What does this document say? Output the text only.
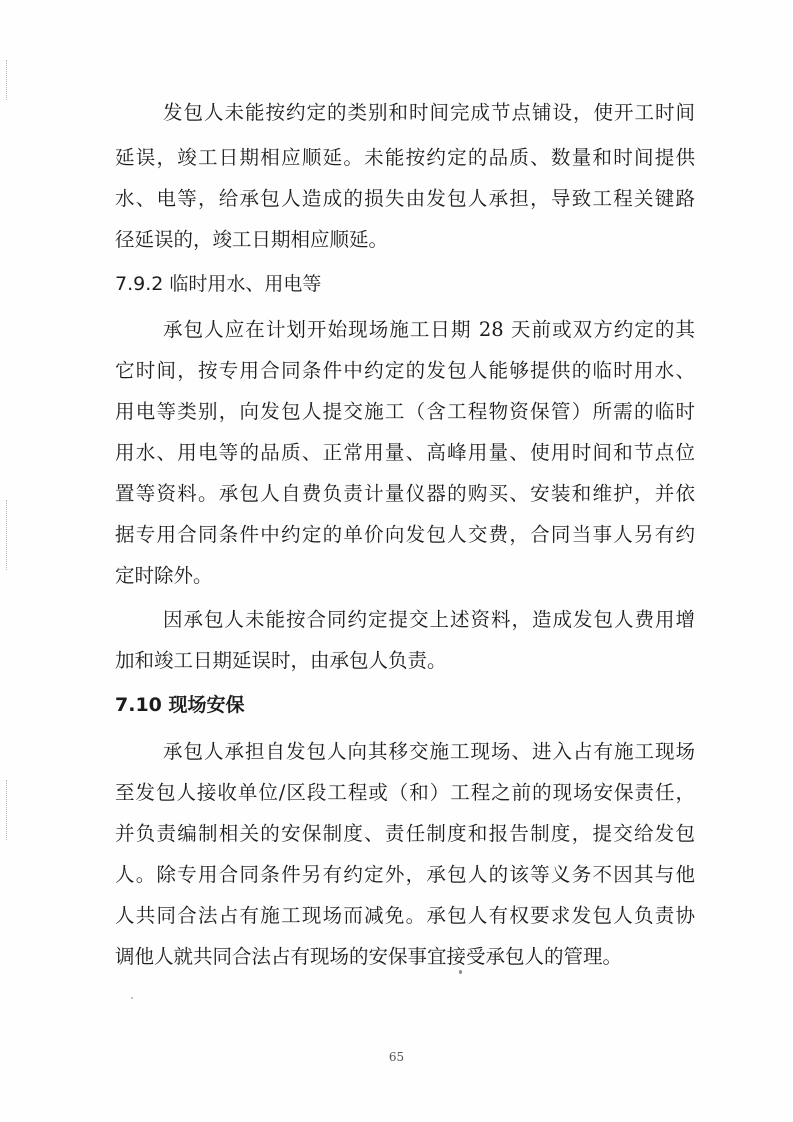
发包人未能按约定的类别和时间完成节点铺设，使开工时间
延误，竣工日期相应顺延。未能按约定的品质、数量和时间提供
水、电等，给承包人造成的损失由发包人承担，导致工程关键路
径延误的，竣工日期相应顺延。
7.9.2 临时用水、用电等
承包人应在计划开始现场施工日期 28 天前或双方约定的其
它时间，按专用合同条件中约定的发包人能够提供的临时用水、
用电等类别，向发包人提交施工（含工程物资保管）所需的临时
用水、用电等的品质、正常用量、高峰用量、使用时间和节点位
置等资料。承包人自费负责计量仪器的购买、安装和维护，并依
据专用合同条件中约定的单价向发包人交费，合同当事人另有约
定时除外。
因承包人未能按合同约定提交上述资料，造成发包人费用增
加和竣工日期延误时，由承包人负责。
7.10 现场安保
承包人承担自发包人向其移交施工现场、进入占有施工现场
至发包人接收单位/区段工程或（和）工程之前的现场安保责任，
并负责编制相关的安保制度、责任制度和报告制度，提交给发包
人。除专用合同条件另有约定外，承包人的该等义务不因其与他
人共同合法占有施工现场而减免。承包人有权要求发包人负责协
调他人就共同合法占有现场的安保事宜接受承包人的管理。
65
